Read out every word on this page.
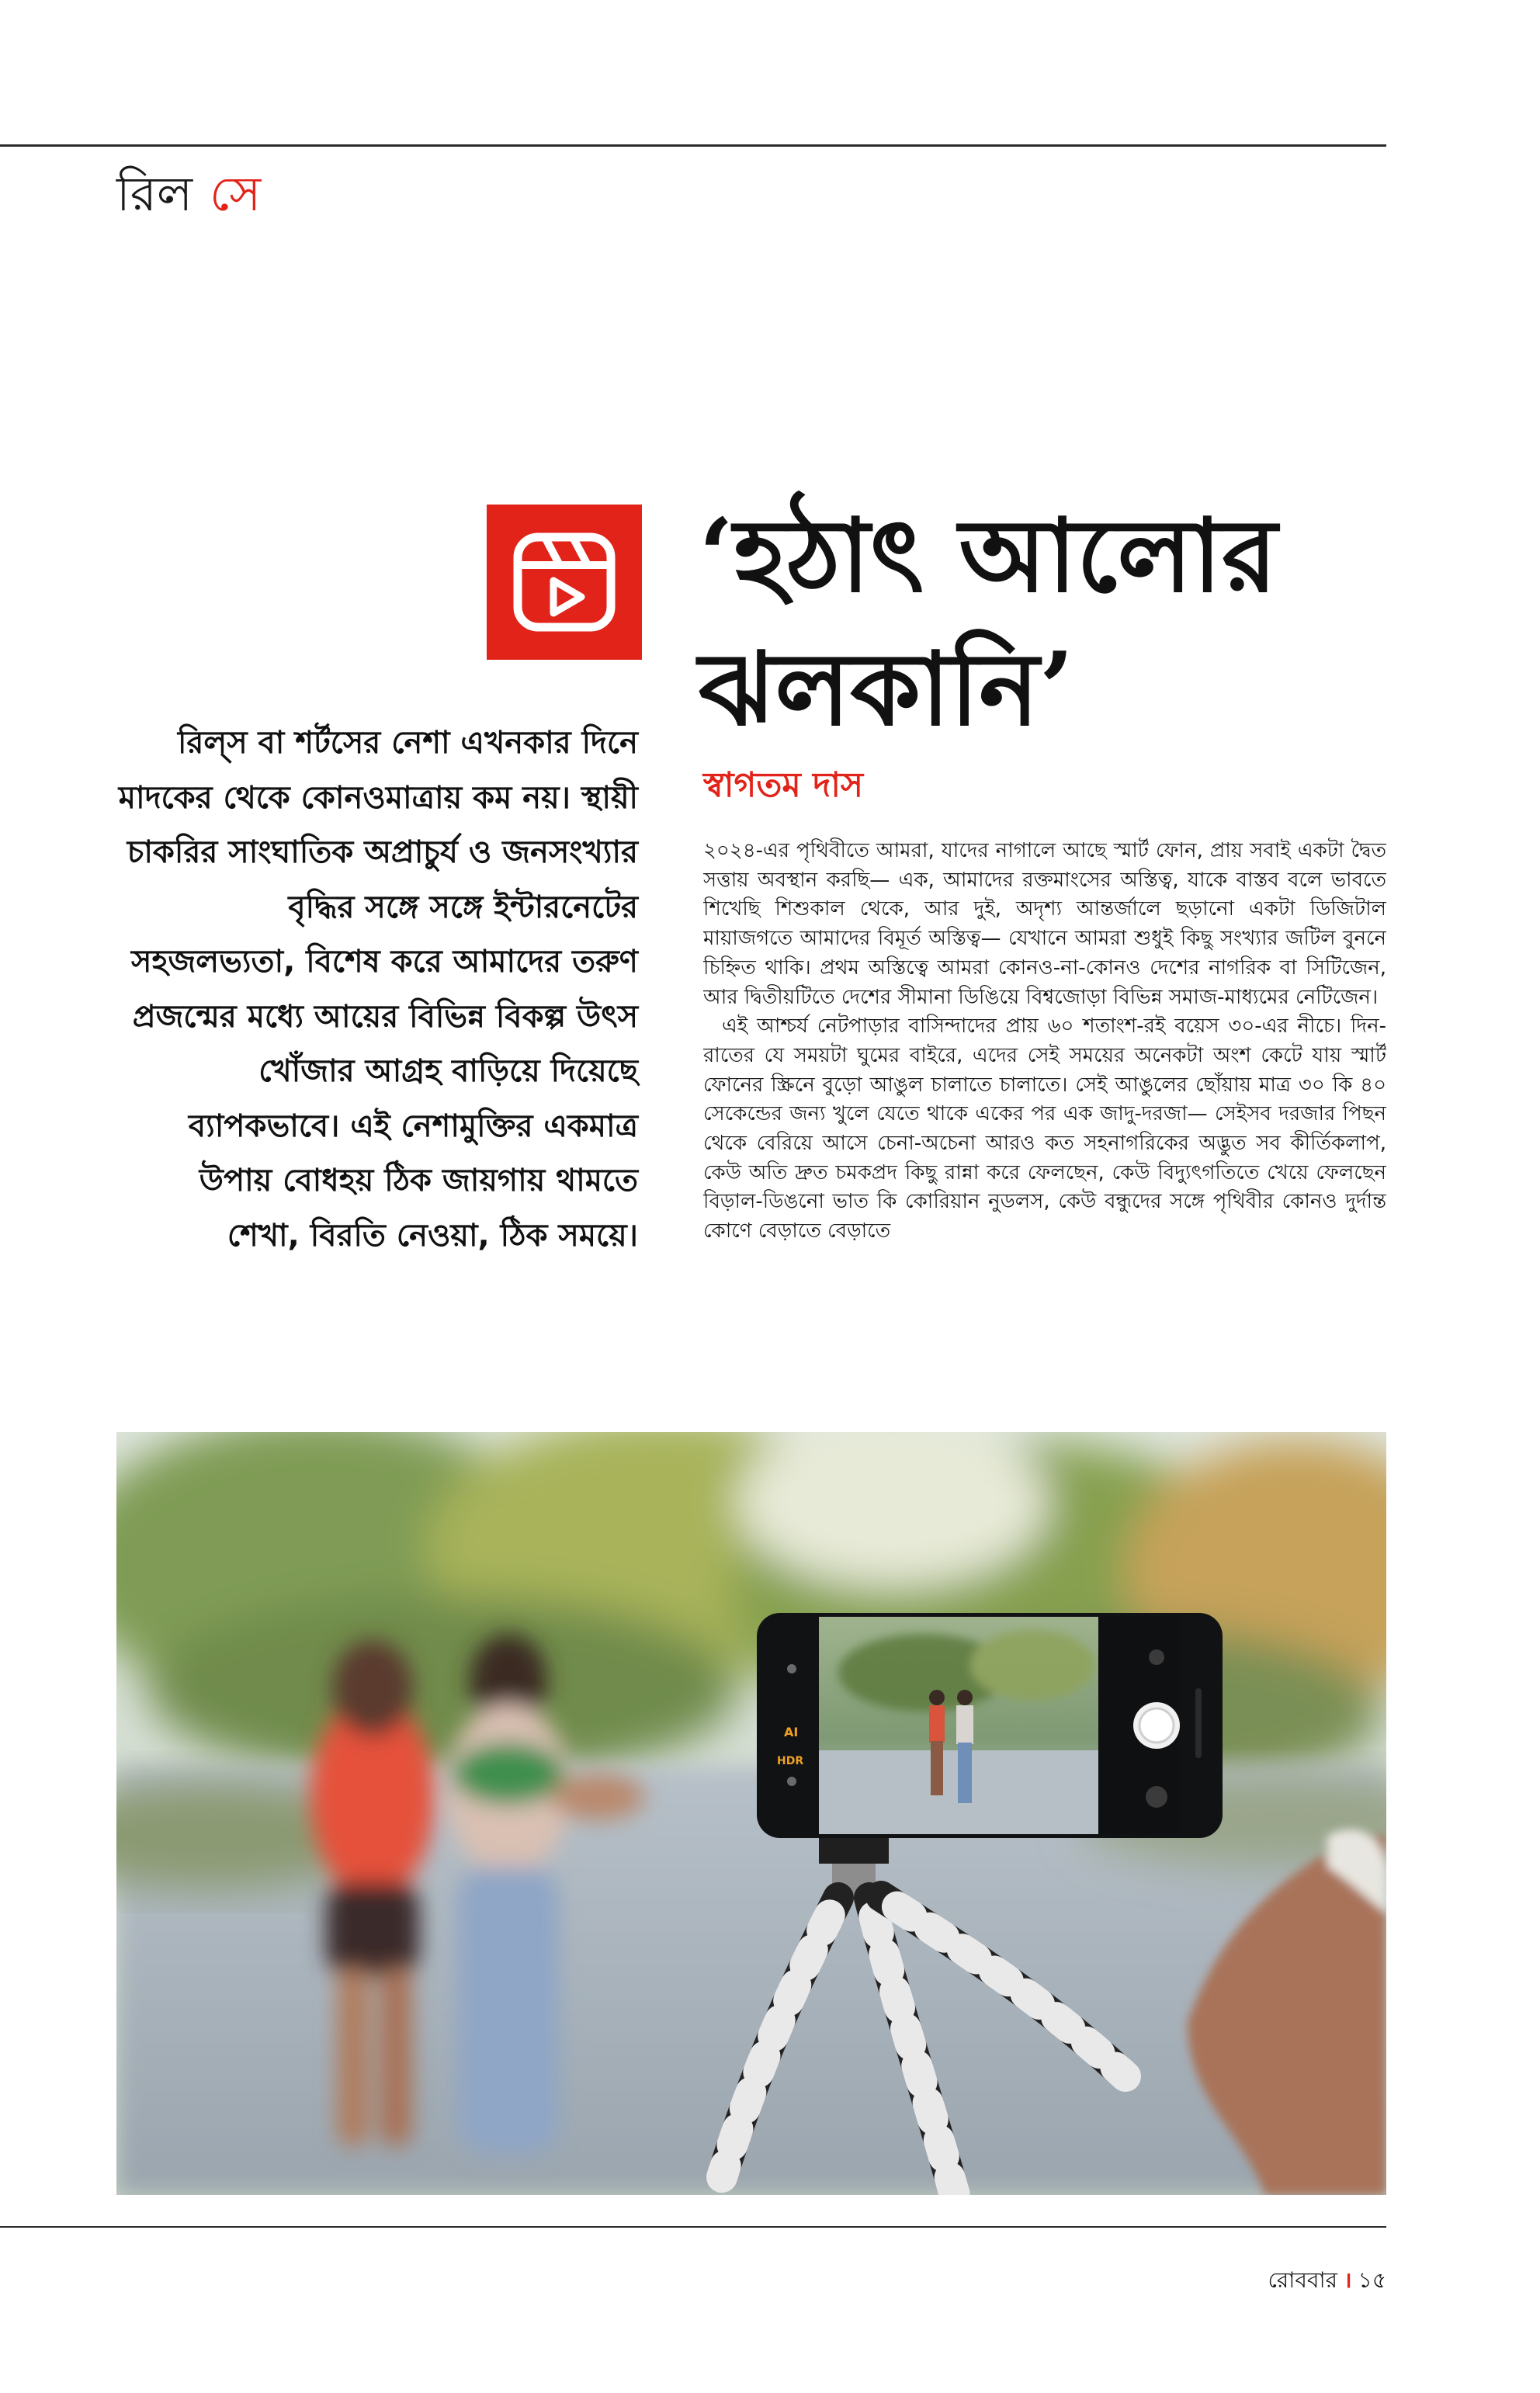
রিল সে
‘হঠাৎ আলোর ঝলকানি’
স্বাগতম দাস
রিল্স বা শর্টসের নেশা এখনকার দিনে মাদকের থেকে কোনওমাত্রায় কম নয়। স্থায়ী চাকরির সাংঘাতিক অপ্রাচুর্য ও জনসংখ্যার বৃদ্ধির সঙ্গে সঙ্গে ইন্টারনেটের সহজলভ্যতা, বিশেষ করে আমাদের তরুণ প্রজন্মের মধ্যে আয়ের বিভিন্ন বিকল্প উৎস খোঁজার আগ্রহ বাড়িয়ে দিয়েছে ব্যাপকভাবে। এই নেশামুক্তির একমাত্র উপায় বোধহয় ঠিক জায়গায় থামতে শেখা, বিরতি নেওয়া, ঠিক সময়ে।

২০২৪-এর পৃথিবীতে আমরা, যাদের নাগালে আছে স্মার্ট ফোন, প্রায় সবাই একটা দ্বৈত সত্তায় অবস্থান করছি— এক, আমাদের রক্তমাংসের অস্তিত্ব, যাকে বাস্তব বলে ভাবতে শিখেছি শিশুকাল থেকে, আর দুই, অদৃশ্য আন্তর্জালে ছড়ানো একটা ডিজিটাল মায়াজগতে আমাদের বিমূর্ত অস্তিত্ব— যেখানে আমরা শুধুই কিছু সংখ্যার জটিল বুননে চিহ্নিত থাকি। প্রথম অস্তিত্বে আমরা কোনও-না-কোনও দেশের নাগরিক বা সিটিজেন, আর দ্বিতীয়টিতে দেশের সীমানা ডিঙিয়ে বিশ্বজোড়া বিভিন্ন সমাজ-মাধ্যমের নেটিজেন।

এই আশ্চর্য নেটপাড়ার বাসিন্দাদের প্রায় ৬০ শতাংশ-রই বয়েস ৩০-এর নীচে। দিন-রাতের যে সময়টা ঘুমের বাইরে, এদের সেই সময়ের অনেকটা অংশ কেটে যায় স্মার্ট ফোনের স্ক্রিনে বুড়ো আঙুল চালাতে চালাতে। সেই আঙুলের ছোঁয়ায় মাত্র ৩০ কি ৪০ সেকেন্ডের জন্য খুলে যেতে থাকে একের পর এক জাদু-দরজা— সেইসব দরজার পিছন থেকে বেরিয়ে আসে চেনা-অচেনা আরও কত সহনাগরিকের অদ্ভুত সব কীর্তিকলাপ, কেউ অতি দ্রুত চমকপ্রদ কিছু রান্না করে ফেলছেন, কেউ বিদ্যুৎগতিতে খেয়ে ফেলছেন বিড়াল-ডিঙনো ভাত কি কোরিয়ান নুডলস, কেউ বন্ধুদের সঙ্গে পৃথিবীর কোনও দুর্দান্ত কোণে বেড়াতে বেড়াতে

AI
HDR
রোববার । ১৫
